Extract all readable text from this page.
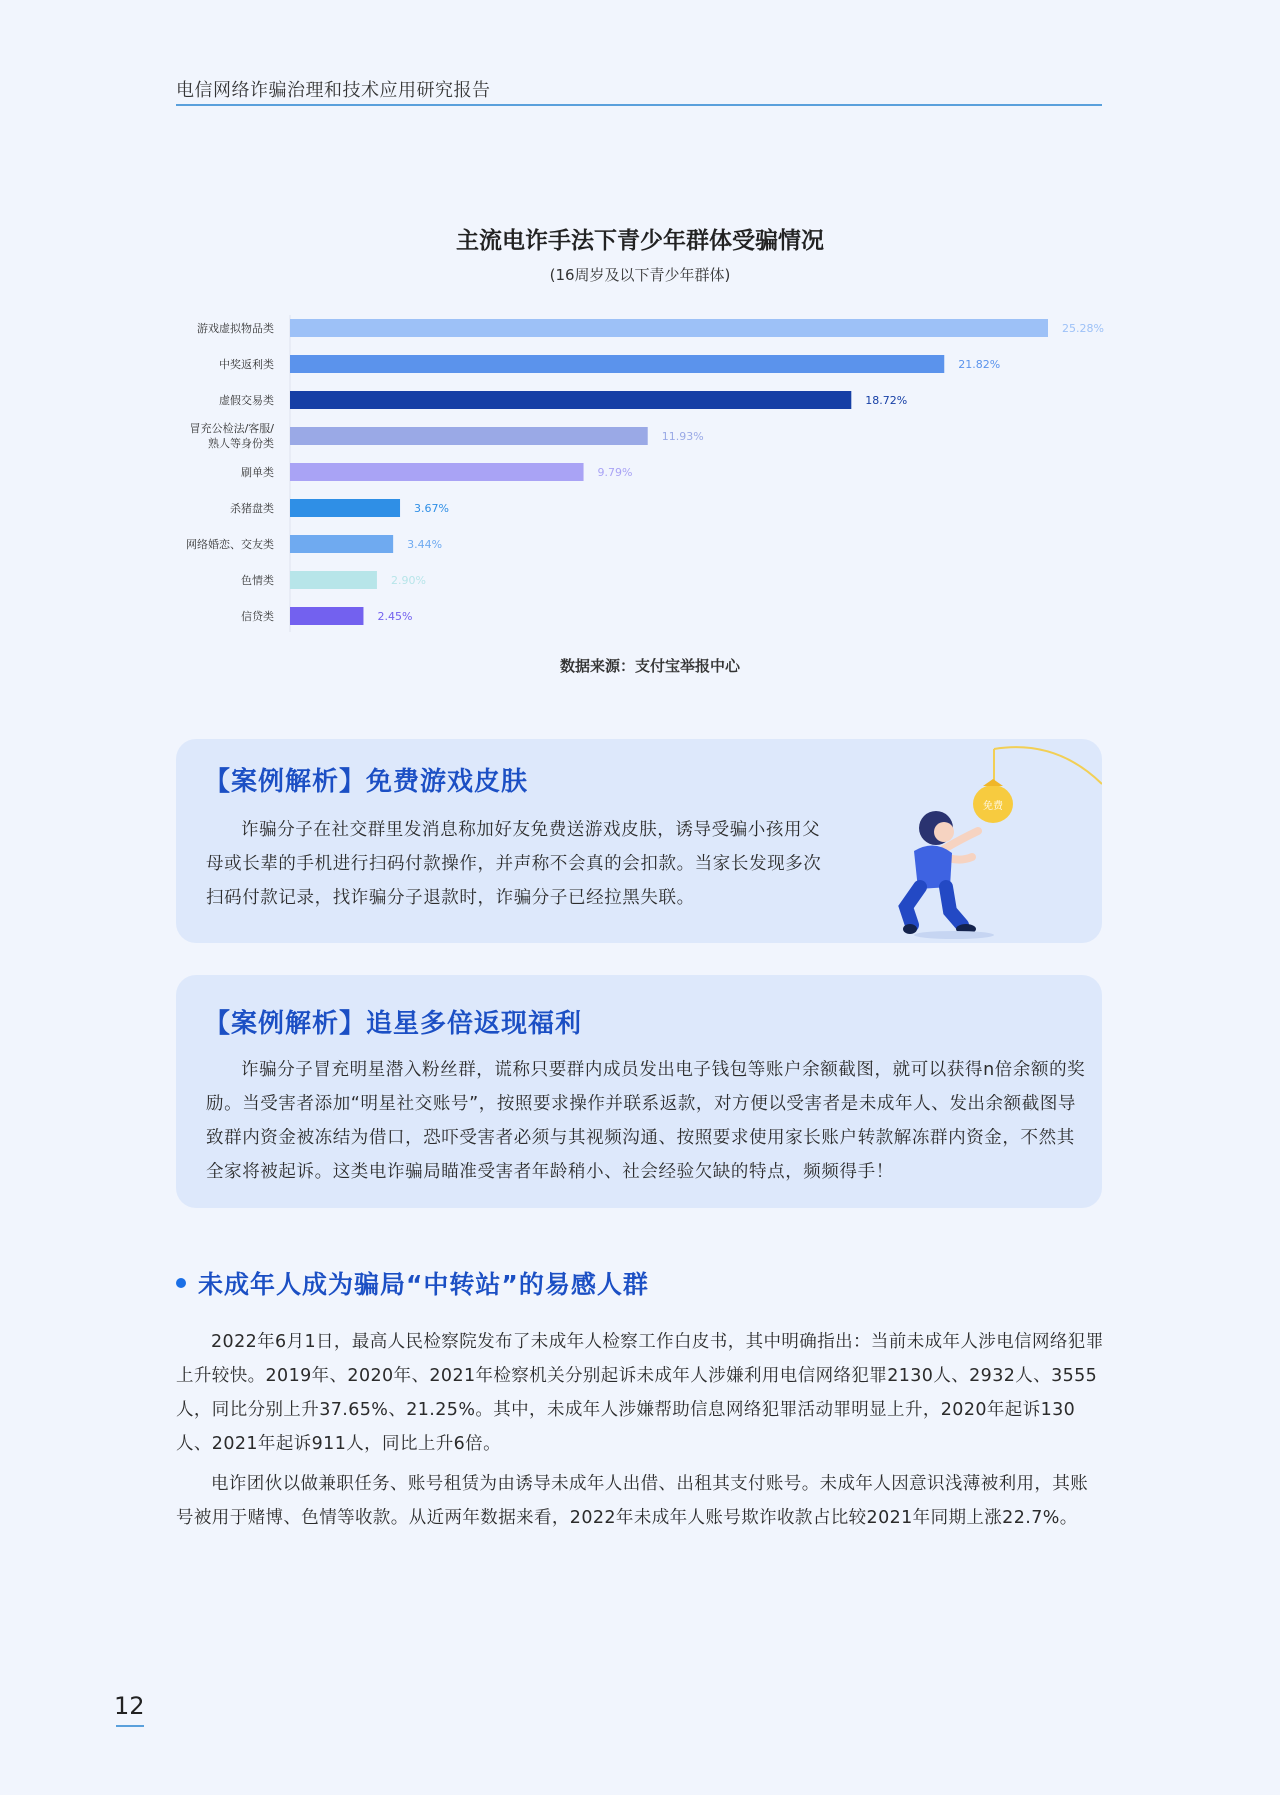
电信网络诈骗治理和技术应用研究报告
主流电诈手法下青少年群体受骗情况
(16周岁及以下青少年群体)
25.28%
游戏虚拟物品类
21.82%
中奖返利类
18.72%
虚假交易类
11.93%
冒充公检法/客服/
熟人等身份类
9.79%
刷单类
3.67%
杀猪盘类
3.44%
网络婚恋、交友类
2.90%
色情类
2.45%
信贷类
数据来源：支付宝举报中心
【案例解析】免费游戏皮肤

诈骗分子在社交群里发消息称加好友免费送游戏皮肤，诱导受骗小孩用父母或长辈的手机进行扫码付款操作，并声称不会真的会扣款。当家长发现多次扫码付款记录，找诈骗分子退款时，诈骗分子已经拉黑失联。

免费
【案例解析】追星多倍返现福利

诈骗分子冒充明星潜入粉丝群，谎称只要群内成员发出电子钱包等账户余额截图，就可以获得n倍余额的奖励。当受害者添加“明星社交账号”，按照要求操作并联系返款，对方便以受害者是未成年人、发出余额截图导致群内资金被冻结为借口，恐吓受害者必须与其视频沟通、按照要求使用家长账户转款解冻群内资金，不然其全家将被起诉。这类电诈骗局瞄准受害者年龄稍小、社会经验欠缺的特点，频频得手！

未成年人成为骗局“中转站”的易感人群

2022年6月1日，最高人民检察院发布了未成年人检察工作白皮书，其中明确指出：当前未成年人涉电信网络犯罪上升较快。2019年、2020年、2021年检察机关分别起诉未成年人涉嫌利用电信网络犯罪2130人、2932人、3555人，同比分别上升37.65%、21.25%。其中，未成年人涉嫌帮助信息网络犯罪活动罪明显上升，2020年起诉130人、2021年起诉911人，同比上升6倍。

电诈团伙以做兼职任务、账号租赁为由诱导未成年人出借、出租其支付账号。未成年人因意识浅薄被利用，其账号被用于赌博、色情等收款。从近两年数据来看，2022年未成年人账号欺诈收款占比较2021年同期上涨22.7%。

12
